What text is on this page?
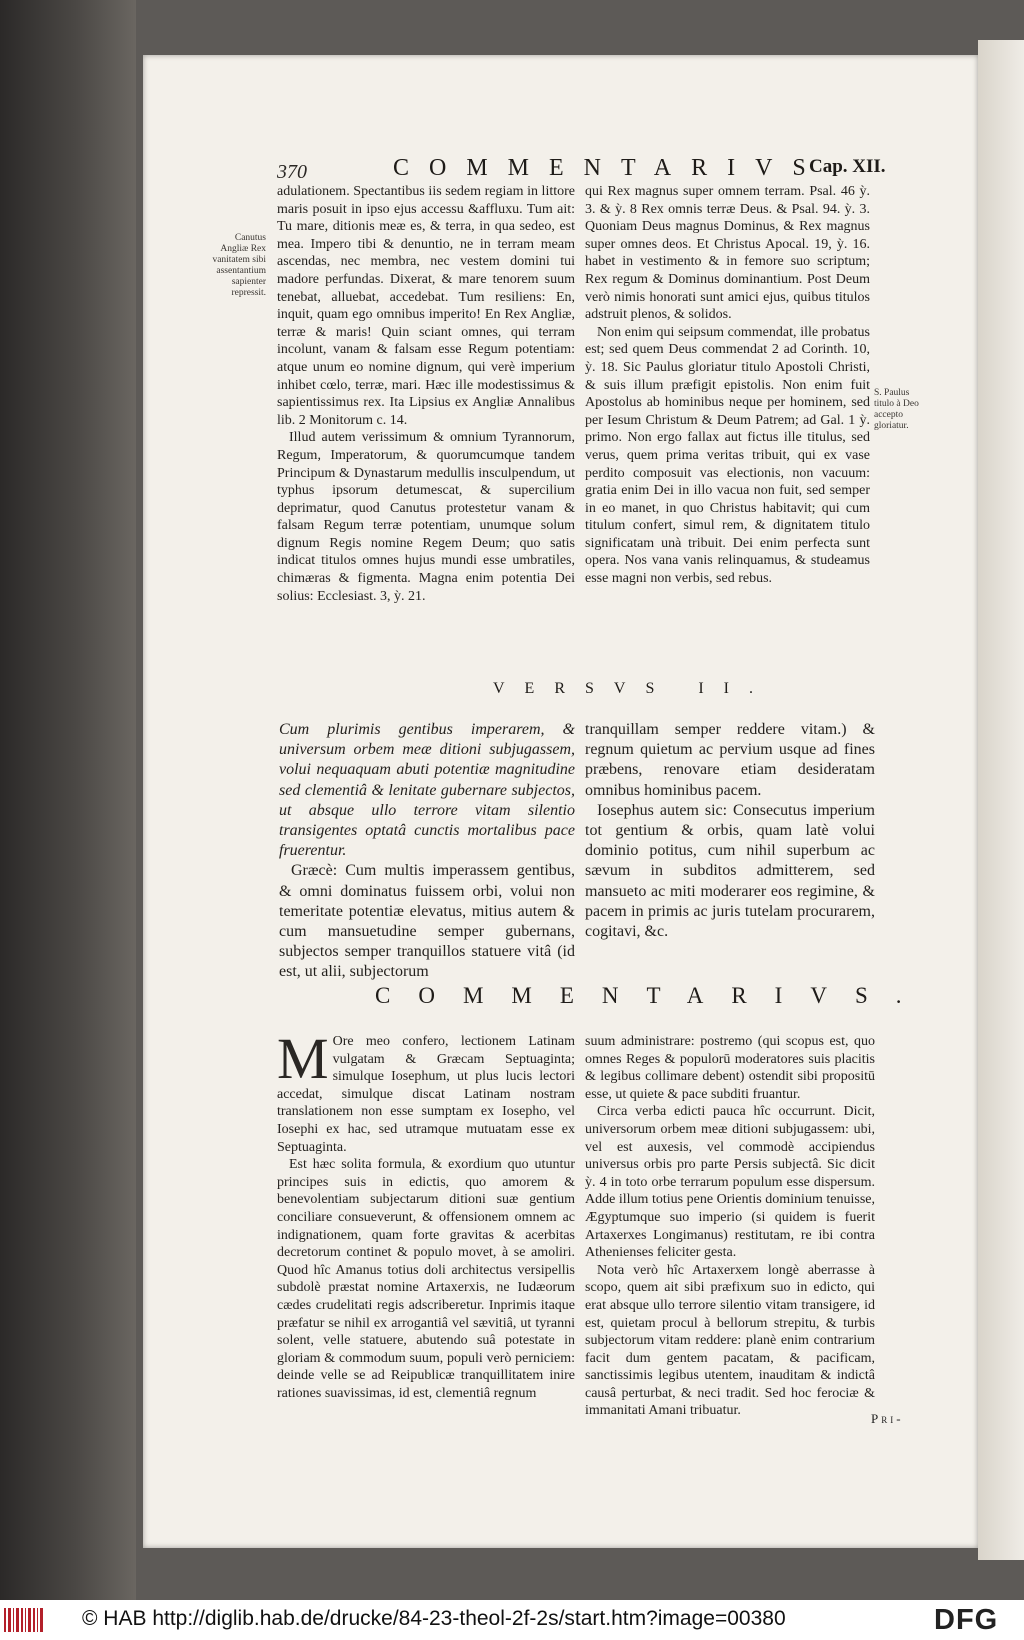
370	COMMENTARIVS
Cap. XII.
Canutus Angliæ Rex vanitatem sibi assentantium sapienter repressit.

adulationem. Spectantibus iis sedem regiam in littore maris posuit in ipso ejus accessu &affluxu. Tum ait: Tu mare, ditionis meæ es, & terra, in qua sedeo, est mea. Impero tibi & denuntio, ne in terram meam ascendas, nec membra, nec vestem domini tui madore perfundas. Dixerat, & mare tenorem suum tenebat, alluebat, accedebat. Tum resiliens: En, inquit, quam ego omnibus imperito! En Rex Angliæ, terræ & maris! Quin sciant omnes, qui terram incolunt, vanam & falsam esse Regum potentiam: atque unum eo nomine dignum, qui verè imperium inhibet cœlo, terræ, mari. Hæc ille modestissimus & sapientissimus rex. Ita Lipsius ex Angliæ Annalibus lib. 2 Monitorum c. 14.

Illud autem verissimum & omnium Tyrannorum, Regum, Imperatorum, & quorumcumque tandem Principum & Dynastarum medullis insculpendum, ut typhus ipsorum detumescat, & supercilium deprimatur, quod Canutus protestetur vanam & falsam Regum terræ potentiam, unumque solum dignum Regis nomine Regem Deum; quo satis indicat titulos omnes hujus mundi esse umbratiles, chimæras & figmenta. Magna enim potentia Dei solius: Ecclesiast. 3, ỳ. 21.

qui Rex magnus super omnem terram. Psal. 46 ỳ. 3. & ỳ. 8 Rex omnis terræ Deus. & Psal. 94. ỳ. 3. Quoniam Deus magnus Dominus, & Rex magnus super omnes deos. Et Christus Apocal. 19, ỳ. 16. habet in vestimento & in femore suo scriptum; Rex regum & Dominus dominantium. Post Deum verò nimis honorati sunt amici ejus, quibus titulos adstruit plenos, & solidos.

Non enim qui seipsum commendat, ille probatus est; sed quem Deus commendat 2 ad Corinth. 10, ỳ. 18. Sic Paulus gloriatur titulo Apostoli Christi, & suis illum præfigit epistolis. Non enim fuit Apostolus ab hominibus neque per hominem, sed per Iesum Christum & Deum Patrem; ad Gal. 1 ỳ. primo. Non ergo fallax aut fictus ille titulus, sed verus, quem prima veritas tribuit, qui ex vase perdito composuit vas electionis, non vacuum: gratia enim Dei in illo vacua non fuit, sed semper in eo manet, in quo Christus habitavit; qui cum titulum confert, simul rem, & dignitatem titulo significatam unà tribuit. Dei enim perfecta sunt opera. Nos vana vanis relinquamus, & studeamus esse magni non verbis, sed rebus.

S. Paulus titulo à Deo accepto gloriatur.
VERSVS II.

Cum plurimis gentibus imperarem, & universum orbem meæ ditioni subjugassem, volui nequaquam abuti potentiæ magnitudine sed clementiâ & lenitate gubernare subjectos, ut absque ullo terrore vitam silentio transigentes optatâ cunctis mortalibus pace fruerentur.

Græcè: Cum multis imperassem gentibus, & omni dominatus fuissem orbi, volui non temeritate potentiæ elevatus, mitius autem & cum mansuetudine semper gubernans, subjectos semper tranquillos statuere vitâ (id est, ut alii, subjectorum

tranquillam semper reddere vitam.) & regnum quietum ac pervium usque ad fines præbens, renovare etiam desideratam omnibus hominibus pacem.

Iosephus autem sic: Consecutus imperium tot gentium & orbis, quam latè volui dominio potitus, cum nihil superbum ac sævum in subditos admitterem, sed mansueto ac miti moderarer eos regimine, & pacem in primis ac juris tutelam procurarem, cogitavi, &c.

COMMENTARIVS.

M Ore meo confero, lectionem Latinam vulgatam & Græcam Septuaginta; simulque Iosephum, ut plus lucis lectori accedat, simulque discat Latinam nostram translationem non esse sumptam ex Iosepho, vel Iosephi ex hac, sed utramque mutuatam esse ex Septuaginta.

Est hæc solita formula, & exordium quo utuntur principes suis in edictis, quo amorem & benevolentiam subjectarum ditioni suæ gentium conciliare consueverunt, & offensionem omnem ac indignationem, quam forte gravitas & acerbitas decretorum continet & populo movet, à se amoliri. Quod hîc Amanus totius doli architectus versipellis subdolè præstat nomine Artaxerxis, ne Iudæorum cædes crudelitati regis adscriberetur. Inprimis itaque præfatur se nihil ex arrogantiâ vel sævitiâ, ut tyranni solent, velle statuere, abutendo suâ potestate in gloriam & commodum suum, populi verò perniciem: deinde velle se ad Reipublicæ tranquillitatem inire rationes suavissimas, id est, clementiâ regnum

suum administrare: postremo (qui scopus est, quo omnes Reges & populorū moderatores suis placitis & legibus collimare debent) ostendit sibi propositū esse, ut quiete & pace subditi fruantur.

Circa verba edicti pauca hîc occurrunt. Dicit, universorum orbem meæ ditioni subjugassem: ubi, vel est auxesis, vel commodè accipiendus universus orbis pro parte Persis subjectâ. Sic dicit ỳ. 4 in toto orbe terrarum populum esse dispersum. Adde illum totius pene Orientis dominium tenuisse, Ægyptumque suo imperio (si quidem is fuerit Artaxerxes Longimanus) restitutam, re ibi contra Athenienses feliciter gesta.

Nota verò hîc Artaxerxem longè aberrasse à scopo, quem ait sibi præfixum suo in edicto, qui erat absque ullo terrore silentio vitam transigere, id est, quietam procul à bellorum strepitu, & turbis subjectorum vitam reddere: planè enim contrarium facit dum gentem pacatam, & pacificam, sanctissimis legibus utentem, inauditam & indictâ causâ perturbat, & neci tradit. Sed hoc ferociæ & immanitati Amani tribuatur.

Pri-
© HAB http://diglib.hab.de/drucke/84-23-theol-2f-2s/start.htm?image=00380	DFG
